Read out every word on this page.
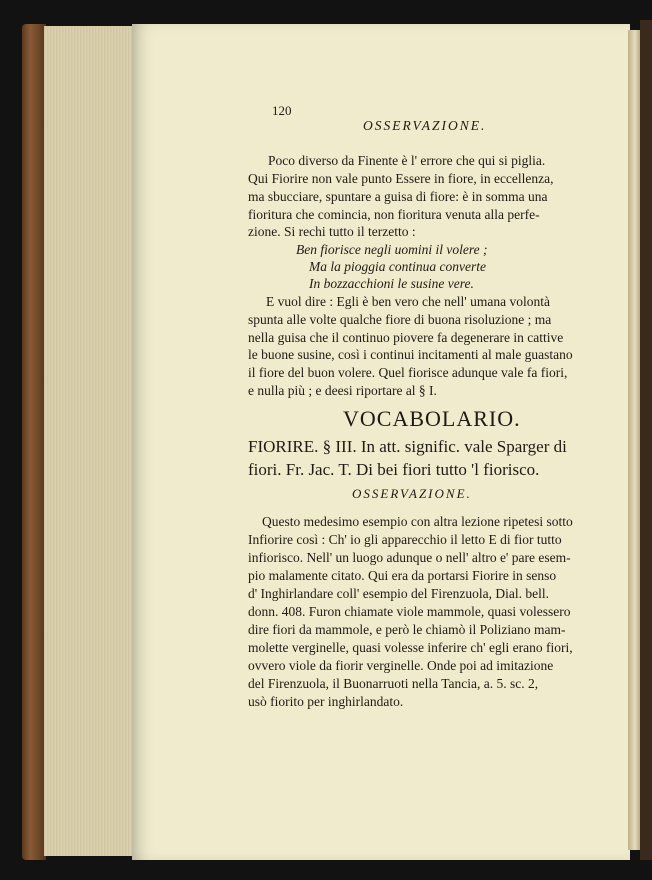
120
OSSERVAZIONE.
Poco diverso da Finente è l' errore che qui si piglia.
Qui Fiorire non vale punto Essere in fiore, in eccellenza,
ma sbucciare, spuntare a guisa di fiore: è in somma una
fioritura che comincia, non fioritura venuta alla perfe-
zione. Si rechi tutto il terzetto :
Ben fiorisce negli uomini il volere ;
Ma la pioggia continua converte
In bozzacchioni le susine vere.
E vuol dire : Egli è ben vero che nell' umana volontà
spunta alle volte qualche fiore di buona risoluzione ; ma
nella guisa che il continuo piovere fa degenerare in cattive
le buone susine, così i continui incitamenti al male guastano
il fiore del buon volere. Quel fiorisce adunque vale fa fiori,
e nulla più ; e deesi riportare al § I.
VOCABOLARIO.
FIORIRE. § III. In att. signific. vale Sparger di
fiori. Fr. Jac. T. Di bei fiori tutto 'l fiorisco.
OSSERVAZIONE.
Questo medesimo esempio con altra lezione ripetesi sotto
Infiorire così : Ch' io gli apparecchio il letto E di fior tutto
infiorisco. Nell' un luogo adunque o nell' altro e' pare esem-
pio malamente citato. Qui era da portarsi Fiorire in senso
d' Inghirlandare coll' esempio del Firenzuola, Dial. bell.
donn. 408. Furon chiamate viole mammole, quasi volessero
dire fiori da mammole, e però le chiamò il Poliziano mam-
molette verginelle, quasi volesse inferire ch' egli erano fiori,
ovvero viole da fiorir verginelle. Onde poi ad imitazione
del Firenzuola, il Buonarruoti nella Tancia, a. 5. sc. 2,
usò fiorito per inghirlandato.
